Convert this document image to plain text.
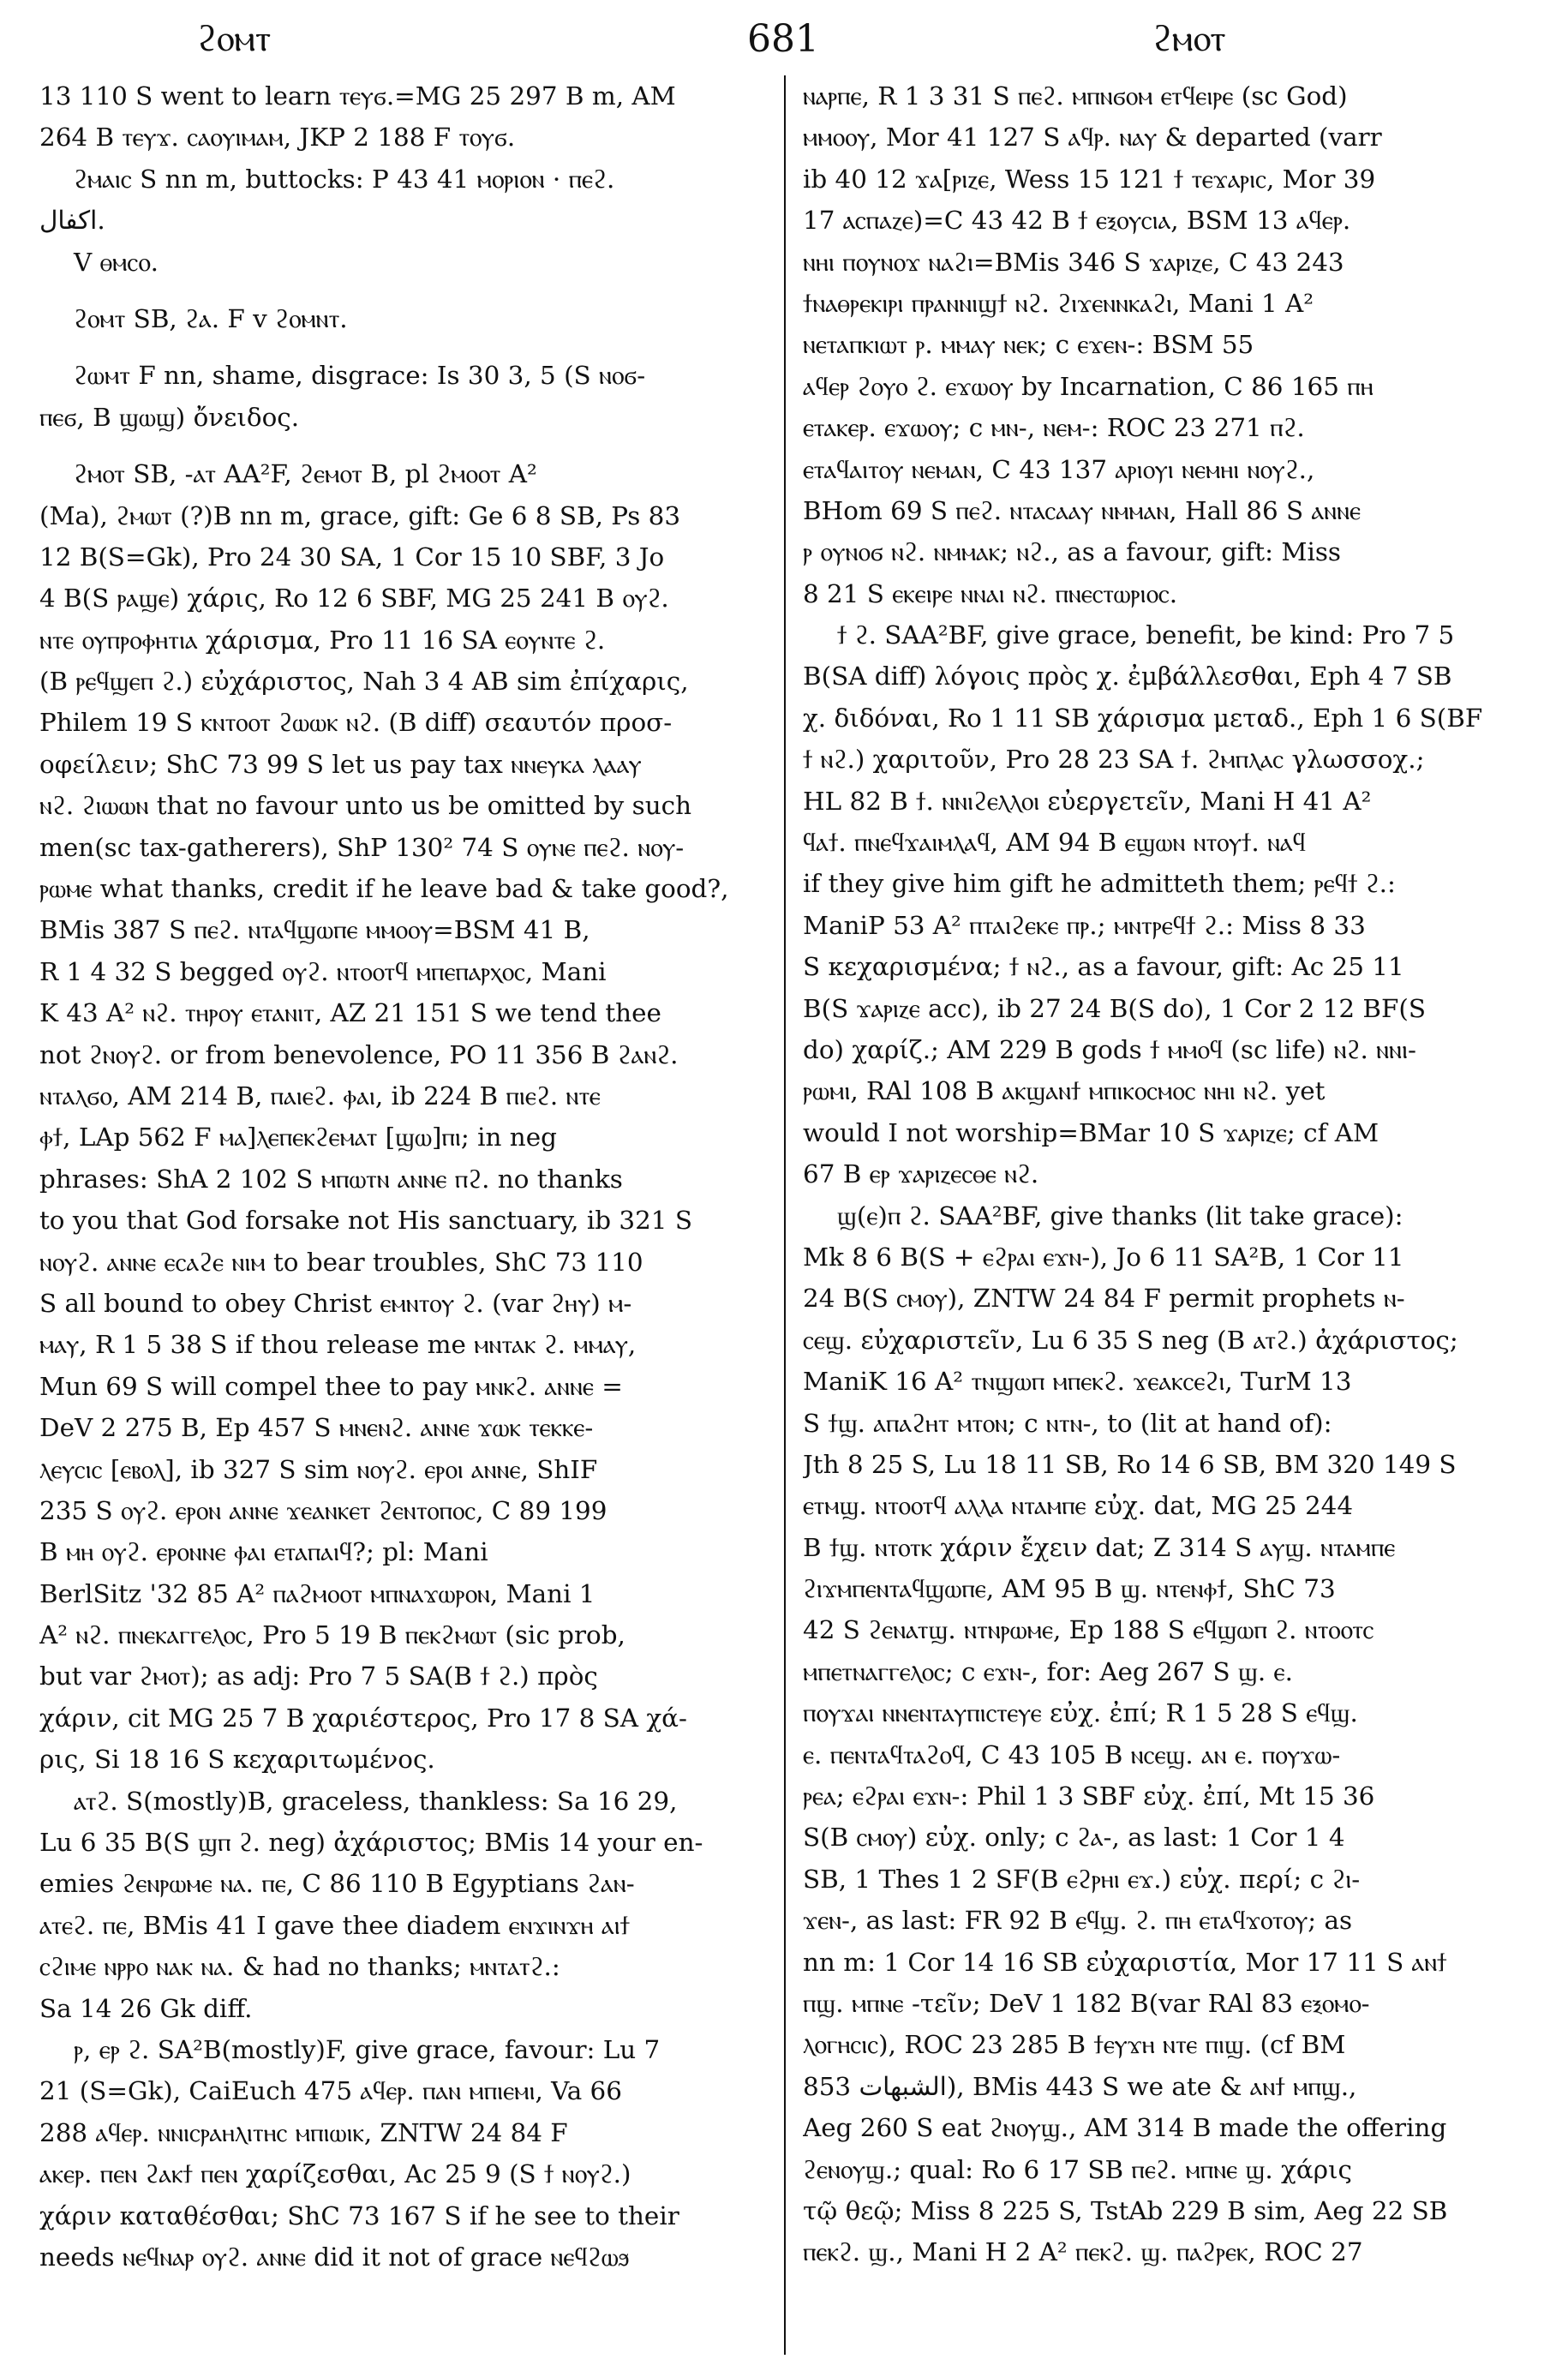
ϩⲟⲙⲧ	681	ϩⲙⲟⲧ
13 110 S went to learn ⲧⲉⲩϭ.=MG 25 297 B m, AM
264 B ⲧⲉⲩϫ. ⲥⲁⲟⲩⲓⲙⲁⲙ, JKP 2 188 F ⲧⲟⲩϭ.
ϩⲙⲁⲓⲥ S nn m, buttocks: P 43 41 ⲙⲟⲣⲓⲟⲛ · ⲡⲉϩ.
اكفال.
V ⲑⲙⲥⲟ.
ϩⲟⲙⲧ SB, ϩⲁ. F v ϩⲟⲙⲛⲧ.
ϩⲱⲙⲧ F nn, shame, disgrace: Is 30 3, 5 (S ⲛⲟϭ-
ⲡⲉϭ, B ϣⲱϣ) ὄνειδος.
ϩⲙⲟⲧ SB, -ⲁⲧ AA²F, ϩⲉⲙⲟⲧ B, pl ϩⲙⲟⲟⲧ A²
(Ma), ϩⲙⲱⲧ (?)B nn m, grace, gift: Ge 6 8 SB, Ps 83
12 B(S=Gk), Pro 24 30 SA, 1 Cor 15 10 SBF, 3 Jo
4 B(S ⲣⲁϣⲉ) χάρις, Ro 12 6 SBF, MG 25 241 B ⲟⲩϩ.
ⲛⲧⲉ ⲟⲩⲡⲣⲟⲫⲏⲧⲓⲁ χάρισμα, Pro 11 16 SA ⲉⲟⲩⲛⲧⲉ ϩ.
(B ⲣⲉϥϣⲉⲡ ϩ.) εὐχάριστος, Nah 3 4 AB sim ἐπίχαρις,
Philem 19 S ⲕⲛⲧⲟⲟⲧ ϩⲱⲱⲕ ⲛϩ. (B diff) σεαυτόν προσ-
οφείλειν; ShC 73 99 S let us pay tax ⲛⲛⲉⲩⲕⲁ ⲗⲁⲁⲩ
ⲛϩ. ϩⲓⲱⲱⲛ that no favour unto us be omitted by such
men(sc tax-gatherers), ShP 130² 74 S ⲟⲩⲛⲉ ⲡⲉϩ. ⲛⲟⲩ-
ⲣⲱⲙⲉ what thanks, credit if he leave bad & take good?,
BMis 387 S ⲡⲉϩ. ⲛⲧⲁϥϣⲱⲡⲉ ⲙⲙⲟⲟⲩ=BSM 41 B,
R 1 4 32 S begged ⲟⲩϩ. ⲛⲧⲟⲟⲧϥ ⲙⲡⲉⲡⲁⲣⲭⲟⲥ, Mani
K 43 A² ⲛϩ. ⲧⲏⲣⲟⲩ ⲉⲧⲁⲛⲓⲧ, AZ 21 151 S we tend thee
not ϩⲛⲟⲩϩ. or from benevolence, PO 11 356 B ϩⲁⲛϩ.
ⲛⲧⲁⲗϭⲟ, AM 214 B, ⲡⲁⲓⲉϩ. ⲫⲁⲓ, ib 224 B ⲡⲓⲉϩ. ⲛⲧⲉ
ⲫϯ, LAp 562 F ⲙⲁ]ⲗⲉⲡⲉⲕϩⲉⲙⲁⲧ [ϣⲱ]ⲡⲓ; in neg
phrases: ShA 2 102 S ⲙⲡⲱⲧⲛ ⲁⲛⲛⲉ ⲡϩ. no thanks
to you that God forsake not His sanctuary, ib 321 S
ⲛⲟⲩϩ. ⲁⲛⲛⲉ ⲉⲥⲁϩⲉ ⲛⲓⲙ to bear troubles, ShC 73 110
S all bound to obey Christ ⲉⲙⲛⲧⲟⲩ ϩ. (var ϩⲏⲩ) ⲙ-
ⲙⲁⲩ, R 1 5 38 S if thou release me ⲙⲛⲧⲁⲕ ϩ. ⲙⲙⲁⲩ,
Mun 69 S will compel thee to pay ⲙⲛⲕϩ. ⲁⲛⲛⲉ =
DeV 2 275 B, Ep 457 S ⲙⲛⲉⲛϩ. ⲁⲛⲛⲉ ϫⲱⲕ ⲧⲉⲕⲕⲉ-
ⲗⲉⲩⲥⲓⲥ [ⲉⲃⲟⲗ], ib 327 S sim ⲛⲟⲩϩ. ⲉⲣⲟⲓ ⲁⲛⲛⲉ, ShIF
235 S ⲟⲩϩ. ⲉⲣⲟⲛ ⲁⲛⲛⲉ ϫⲉⲁⲛⲕⲉⲧ ϩⲉⲛⲧⲟⲡⲟⲥ, C 89 199
B ⲙⲏ ⲟⲩϩ. ⲉⲣⲟⲛⲛⲉ ⲫⲁⲓ ⲉⲧⲁⲡⲁⲓϥ?; pl: Mani
BerlSitz '32 85 A² ⲡⲁϩⲙⲟⲟⲧ ⲙⲡⲛⲁϫⲱⲣⲟⲛ, Mani 1
A² ⲛϩ. ⲡⲛⲉⲕⲁⲅⲅⲉⲗⲟⲥ, Pro 5 19 B ⲡⲉⲕϩⲙⲱⲧ (sic prob,
but var ϩⲙⲟⲧ); as adj: Pro 7 5 SA(B ϯ ϩ.) πρὸς
χάριν, cit MG 25 7 B χαριέστερος, Pro 17 8 SA χά-
ρις, Si 18 16 S κεχαριτωμένος.
ⲁⲧϩ. S(mostly)B, graceless, thankless: Sa 16 29,
Lu 6 35 B(S ϣⲡ ϩ. neg) ἀχάριστος; BMis 14 your en-
emies ϩⲉⲛⲣⲱⲙⲉ ⲛⲁ. ⲡⲉ, C 86 110 B Egyptians ϩⲁⲛ-
ⲁⲧⲉϩ. ⲡⲉ, BMis 41 I gave thee diadem ⲉⲛϫⲓⲛϫⲏ ⲁⲓϯ
ⲥϩⲓⲙⲉ ⲛⲣⲣⲟ ⲛⲁⲕ ⲛⲁ. & had no thanks; ⲙⲛⲧⲁⲧϩ.:
Sa 14 26 Gk diff.
ⲣ, ⲉⲣ ϩ. SA²B(mostly)F, give grace, favour: Lu 7
21 (S=Gk), CaiEuch 475 ⲁϥⲉⲣ. ⲡⲁⲛ ⲙⲡⲓⲉⲙⲓ, Va 66
288 ⲁϥⲉⲣ. ⲛⲛⲓⲥⲣⲁⲏⲗⲓⲧⲏⲥ ⲙⲡⲓⲱⲓⲕ, ZNTW 24 84 F
ⲁⲕⲉⲣ. ⲡⲉⲛ ϩⲁⲕϯ ⲡⲉⲛ χαρίζεσθαι, Ac 25 9 (S ϯ ⲛⲟⲩϩ.)
χάριν καταθέσθαι; ShC 73 167 S if he see to their
needs ⲛⲉϥⲛⲁⲣ ⲟⲩϩ. ⲁⲛⲛⲉ did it not of grace ⲛⲉϥϩⲱϧ
ⲛⲁⲣⲡⲉ, R 1 3 31 S ⲡⲉϩ. ⲙⲡⲛϭⲟⲙ ⲉⲧϥⲉⲓⲣⲉ (sc God)
ⲙⲙⲟⲟⲩ, Mor 41 127 S ⲁϥⲣ. ⲛⲁⲩ & departed (varr
ib 40 12 ϫⲁ[ⲣⲓⲍⲉ, Wess 15 121 ϯ ⲧⲉϫⲁⲣⲓⲥ, Mor 39
17 ⲁⲥⲡⲁⲍⲉ)=C 43 42 B ϯ ⲉⲝⲟⲩⲥⲓⲁ, BSM 13 ⲁϥⲉⲣ.
ⲛⲏⲓ ⲡⲟⲩⲛⲟϫ ⲛⲁϩⲓ=BMis 346 S ϫⲁⲣⲓⲍⲉ, C 43 243
ϯⲛⲁⲑⲣⲉⲕⲓⲣⲓ ⲡⲣⲁⲛⲛⲓϣϯ ⲛϩ. ϩⲓϫⲉⲛⲛⲕⲁϩⲓ, Mani 1 A²
ⲛⲉⲧⲁⲡⲕⲓⲱⲧ ⲣ. ⲙⲙⲁⲩ ⲛⲉⲕ; c ⲉϫⲉⲛ-: BSM 55
ⲁϥⲉⲣ ϩⲟⲩⲟ ϩ. ⲉϫⲱⲟⲩ by Incarnation, C 86 165 ⲡⲏ
ⲉⲧⲁⲕⲉⲣ. ⲉϫⲱⲟⲩ; c ⲙⲛ-, ⲛⲉⲙ-: ROC 23 271 ⲡϩ.
ⲉⲧⲁϥⲁⲓⲧⲟⲩ ⲛⲉⲙⲁⲛ, C 43 137 ⲁⲣⲓⲟⲩⲓ ⲛⲉⲙⲏⲓ ⲛⲟⲩϩ.,
BHom 69 S ⲡⲉϩ. ⲛⲧⲁⲥⲁⲁⲩ ⲛⲙⲙⲁⲛ, Hall 86 S ⲁⲛⲛⲉ
ⲣ ⲟⲩⲛⲟϭ ⲛϩ. ⲛⲙⲙⲁⲕ; ⲛϩ., as a favour, gift: Miss
8 21 S ⲉⲕⲉⲓⲣⲉ ⲛⲛⲁⲓ ⲛϩ. ⲡⲛⲉⲥⲧⲱⲣⲓⲟⲥ.
ϯ ϩ. SAA²BF, give grace, benefit, be kind: Pro 7 5
B(SA diff) λόγοις πρὸς χ. ἐμβάλλεσθαι, Eph 4 7 SB
χ. διδόναι, Ro 1 11 SB χάρισμα μεταδ., Eph 1 6 S(BF
ϯ ⲛϩ.) χαριτοῦν, Pro 28 23 SA ϯ. ϩⲙⲡⲗⲁⲥ γλωσσοχ.;
HL 82 B ϯ. ⲛⲛⲓϩⲉⲗⲗⲟⲓ εὐεργετεῖν, Mani H 41 A²
ϥⲁϯ. ⲡⲛⲉϥϫⲁⲓⲙⲗⲁϥ, AM 94 B ⲉϣⲱⲛ ⲛⲧⲟⲩϯ. ⲛⲁϥ
if they give him gift he admitteth them; ⲣⲉϥϯ ϩ.:
ManiP 53 A² ⲡⲧⲁⲓϩⲉⲕⲉ ⲡⲣ.; ⲙⲛⲧⲣⲉϥϯ ϩ.: Miss 8 33
S κεχαρισμένα; ϯ ⲛϩ., as a favour, gift: Ac 25 11
B(S ϫⲁⲣⲓⲍⲉ acc), ib 27 24 B(S do), 1 Cor 2 12 BF(S
do) χαρίζ.; AM 229 B gods ϯ ⲙⲙⲟϥ (sc life) ⲛϩ. ⲛⲛⲓ-
ⲣⲱⲙⲓ, RAl 108 B ⲁⲕϣⲁⲛϯ ⲙⲡⲓⲕⲟⲥⲙⲟⲥ ⲛⲏⲓ ⲛϩ. yet
would I not worship=BMar 10 S ϫⲁⲣⲓⲍⲉ; cf AM
67 B ⲉⲣ ϫⲁⲣⲓⲍⲉⲥⲑⲉ ⲛϩ.
ϣ(ⲉ)ⲡ ϩ. SAA²BF, give thanks (lit take grace):
Mk 8 6 B(S + ⲉϩⲣⲁⲓ ⲉϫⲛ-), Jo 6 11 SA²B, 1 Cor 11
24 B(S ⲥⲙⲟⲩ), ZNTW 24 84 F permit prophets ⲛ-
ⲥⲉϣ. εὐχαριστεῖν, Lu 6 35 S neg (B ⲁⲧϩ.) ἀχάριστος;
ManiK 16 A² ⲧⲛϣⲱⲡ ⲙⲡⲉⲕϩ. ϫⲉⲁⲕⲥⲉϩⲓ, TurM 13
S ϯϣ. ⲁⲡⲁϩⲏⲧ ⲙⲧⲟⲛ; c ⲛⲧⲛ-, to (lit at hand of):
Jth 8 25 S, Lu 18 11 SB, Ro 14 6 SB, BM 320 149 S
ⲉⲧⲙϣ. ⲛⲧⲟⲟⲧϥ ⲁⲗⲗⲁ ⲛⲧⲁⲙⲡⲉ εὐχ. dat, MG 25 244
B ϯϣ. ⲛⲧⲟⲧⲕ χάριν ἔχειν dat; Z 314 S ⲁⲩϣ. ⲛⲧⲁⲙⲡⲉ
ϩⲓϫⲙⲡⲉⲛⲧⲁϥϣⲱⲡⲉ, AM 95 B ϣ. ⲛⲧⲉⲛⲫϯ, ShC 73
42 S ϩⲉⲛⲁⲧϣ. ⲛⲧⲛⲣⲱⲙⲉ, Ep 188 S ⲉϥϣⲱⲡ ϩ. ⲛⲧⲟⲟⲧⲥ
ⲙⲡⲉⲧⲛⲁⲅⲅⲉⲗⲟⲥ; c ⲉϫⲛ-, for: Aeg 267 S ϣ. ⲉ.
ⲡⲟⲩϫⲁⲓ ⲛⲛⲉⲛⲧⲁⲩⲡⲓⲥⲧⲉⲩⲉ εὐχ. ἐπί; R 1 5 28 S ⲉϥϣ.
ⲉ. ⲡⲉⲛⲧⲁϥⲧⲁϩⲟϥ, C 43 105 B ⲛⲥⲉϣ. ⲁⲛ ⲉ. ⲡⲟⲩϫⲱ-
ⲣⲉⲁ; ⲉϩⲣⲁⲓ ⲉϫⲛ-: Phil 1 3 SBF εὐχ. ἐπί, Mt 15 36
S(B ⲥⲙⲟⲩ) εὐχ. only; c ϩⲁ-, as last: 1 Cor 1 4
SB, 1 Thes 1 2 SF(B ⲉϩⲣⲏⲓ ⲉϫ.) εὐχ. περί; c ϩⲓ-
ϫⲉⲛ-, as last: FR 92 B ⲉϥϣ. ϩ. ⲡⲏ ⲉⲧⲁϥϫⲟⲧⲟⲩ; as
nn m: 1 Cor 14 16 SB εὐχαριστία, Mor 17 11 S ⲁⲛϯ
ⲡϣ. ⲙⲡⲛⲉ -τεῖν; DeV 1 182 B(var RAl 83 ⲉⲝⲟⲙⲟ-
ⲗⲟⲅⲏⲥⲓⲥ), ROC 23 285 B ϯⲉⲩϫⲏ ⲛⲧⲉ ⲡⲓϣ. (cf BM
853 الشبهات), BMis 443 S we ate & ⲁⲛϯ ⲙⲡϣ.,
Aeg 260 S eat ϩⲛⲟⲩϣ., AM 314 B made the offering
ϩⲉⲛⲟⲩϣ.; qual: Ro 6 17 SB ⲡⲉϩ. ⲙⲡⲛⲉ ϣ. χάρις
τῷ θεῷ; Miss 8 225 S, TstAb 229 B sim, Aeg 22 SB
ⲡⲉⲕϩ. ϣ., Mani H 2 A² ⲡⲉⲕϩ. ϣ. ⲡⲁϩⲣⲉⲕ, ROC 27
